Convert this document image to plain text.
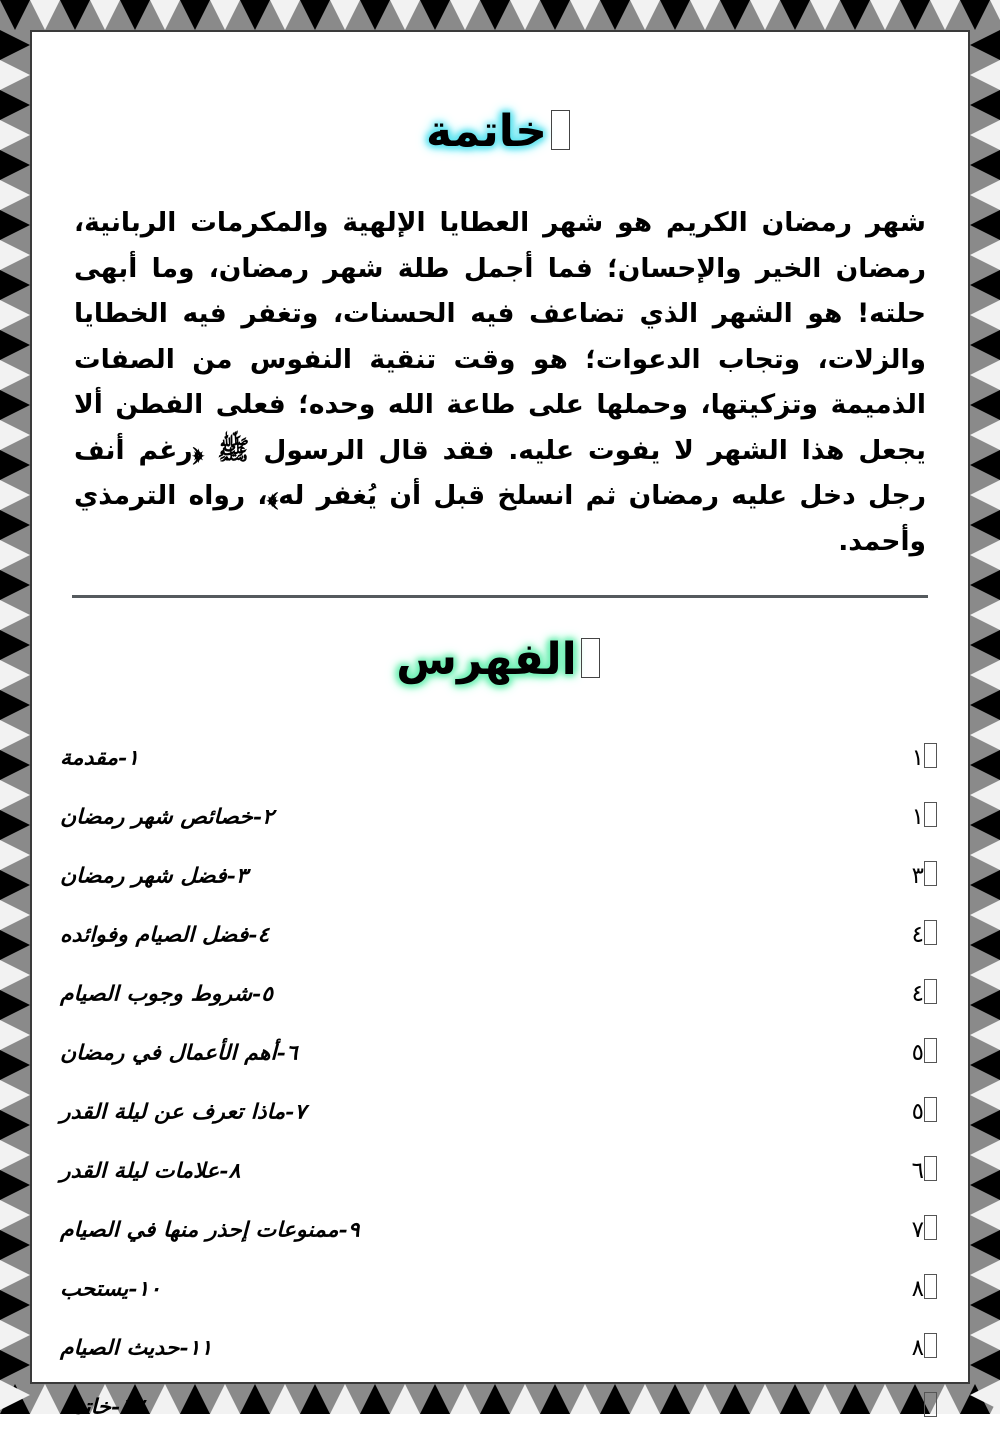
خاتمة

شهر رمضان الكريم هو شهر العطايا الإلهية والمكرمات الربانية، رمضان الخير والإحسان؛ فما أجمل طلة شهر رمضان، وما أبهى حلته! هو الشهر الذي تضاعف فيه الحسنات، وتغفر فيه الخطايا والزلات، وتجاب الدعوات؛ هو وقت تنقية النفوس من الصفات الذميمة وتزكيتها، وحملها على طاعة الله وحده؛ فعلى الفطن ألا يجعل هذا الشهر لا يفوت عليه. فقد قال الرسول ﷺ ﴿رغم أنف رجل دخل عليه رمضان ثم انسلخ قبل أن يُغفر له﴾، رواه الترمذي وأحمد.

الفهرس
١	١-مقدمة
١	٢-خصائص شهر رمضان
٣	٣-فضل شهر رمضان
٤	٤-فضل الصيام وفوائده
٤	٥-شروط وجوب الصيام
٥	٦-أهم الأعمال في رمضان
٥	٧-ماذا تعرف عن ليلة القدر
٦	٨-علامات ليلة القدر
٧	٩-ممنوعات إحذر منها في الصيام
٨	١٠-يستحب
٨	١١-حديث الصيام
٩	١٢-خاتمة
